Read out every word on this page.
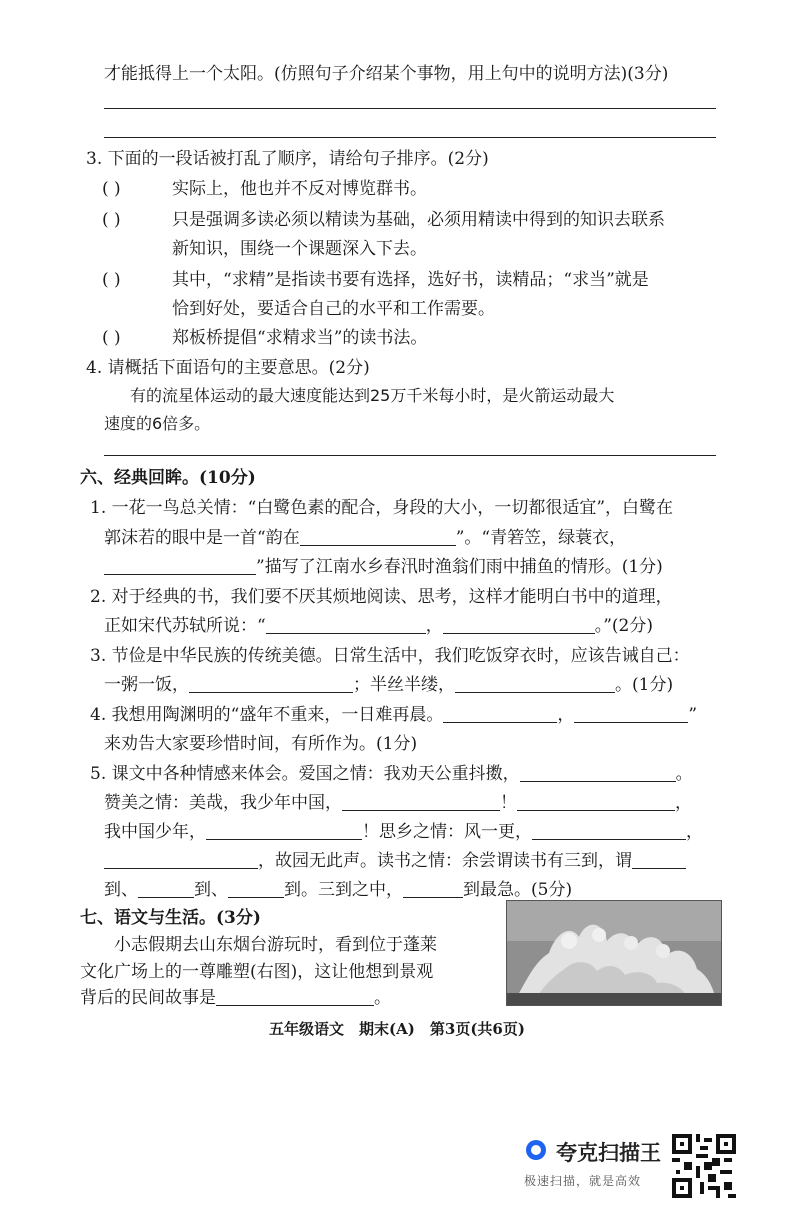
才能抵得上一个太阳。(仿照句子介绍某个事物，用上句中的说明方法)(3分)
3. 下面的一段话被打乱了顺序，请给句子排序。(2分)
( )	实际上，他也并不反对博览群书。
( )	只是强调多读必须以精读为基础，必须用精读中得到的知识去联系
新知识，围绕一个课题深入下去。
( )	其中，“求精”是指读书要有选择，选好书，读精品；“求当”就是
恰到好处，要适合自己的水平和工作需要。
( )	郑板桥提倡“求精求当”的读书法。
4. 请概括下面语句的主要意思。(2分)
有的流星体运动的最大速度能达到25万千米每小时，是火箭运动最大
速度的6倍多。
六、经典回眸。(10分)
1. 一花一鸟总关情：“白鹭色素的配合，身段的大小，一切都很适宜”，白鹭在
郭沫若的眼中是一首“韵在	”。“青箬笠，绿蓑衣，
”描写了江南水乡春汛时渔翁们雨中捕鱼的情形。(1分)
2. 对于经典的书，我们要不厌其烦地阅读、思考，这样才能明白书中的道理，
正如宋代苏轼所说：“	，	。”(2分)
3. 节俭是中华民族的传统美德。日常生活中，我们吃饭穿衣时，应该告诫自己：
一粥一饭，	；半丝半缕，	。(1分)
4. 我想用陶渊明的“盛年不重来，一日难再晨。	，	”
来劝告大家要珍惜时间，有所作为。(1分)
5. 课文中各种情感来体会。爱国之情：我劝天公重抖擞，	。
赞美之情：美哉，我少年中国，	！	，
我中国少年，	！思乡之情：风一更，	，
，故园无此声。读书之情：余尝谓读书有三到，谓
到、	到、	到。三到之中，	到最急。(5分)
七、语文与生活。(3分)
小志假期去山东烟台游玩时，看到位于蓬莱
文化广场上的一尊雕塑(右图)，这让他想到景观
背后的民间故事是	。
五年级语文　期末(A)　第3页(共6页)
夸克扫描王
极速扫描，就是高效
